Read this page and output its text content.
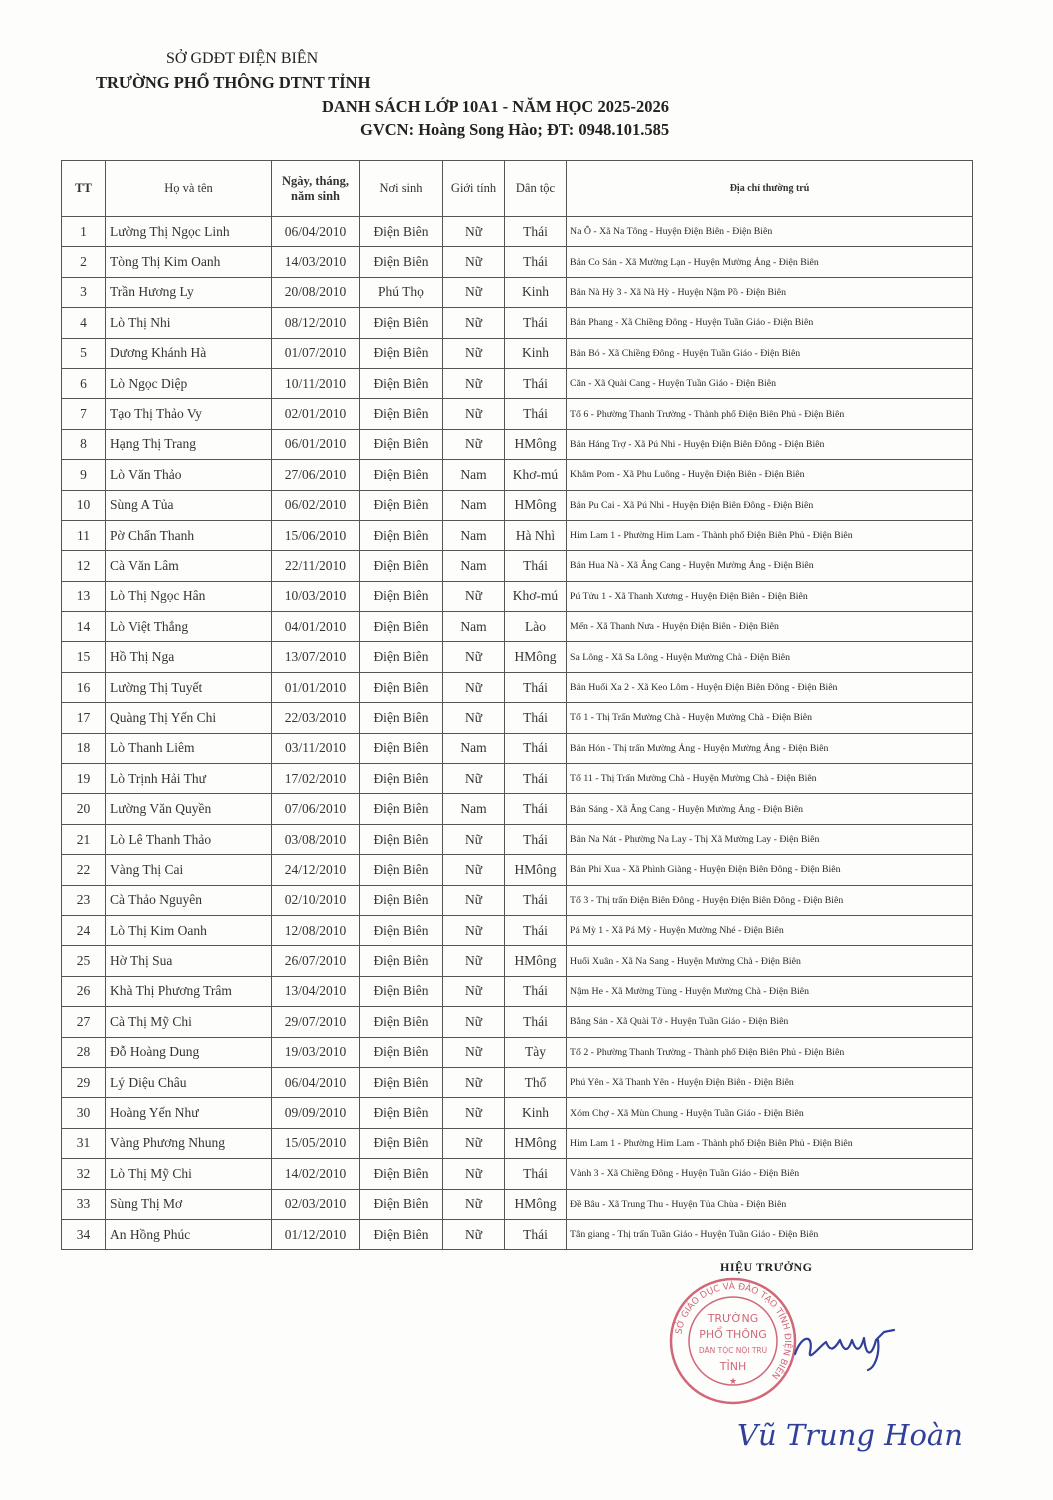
SỞ GDĐT ĐIỆN BIÊN
TRƯỜNG PHỔ THÔNG DTNT TỈNH
DANH SÁCH LỚP 10A1 - NĂM HỌC 2025-2026
GVCN: Hoàng Song Hào; ĐT: 0948.101.585
TT	Họ và tên	Ngày, tháng, năm sinh	Nơi sinh	Giới tính	Dân tộc	Địa chỉ thường trú
1	Lường Thị Ngọc Linh	06/04/2010	Điện Biên	Nữ	Thái	Na Ô - Xã Na Tông - Huyện Điện Biên - Điện Biên
2	Tòng Thị Kim Oanh	14/03/2010	Điện Biên	Nữ	Thái	Bản Co Sản - Xã Mường Lạn - Huyện Mường Ảng - Điện Biên
3	Trần Hương Ly	20/08/2010	Phú Thọ	Nữ	Kinh	Bản Nà Hỳ 3 - Xã Nà Hỳ - Huyện Nậm Pồ - Điện Biên
4	Lò Thị Nhi	08/12/2010	Điện Biên	Nữ	Thái	Bản Phang - Xã Chiềng Đông - Huyện Tuần Giáo - Điện Biên
5	Dương Khánh Hà	01/07/2010	Điện Biên	Nữ	Kinh	Bản Bó - Xã Chiềng Đông - Huyện Tuần Giáo - Điện Biên
6	Lò Ngọc Diệp	10/11/2010	Điện Biên	Nữ	Thái	Căn - Xã Quài Cang - Huyện Tuần Giáo - Điện Biên
7	Tạo Thị Thảo Vy	02/01/2010	Điện Biên	Nữ	Thái	Tổ 6 - Phường Thanh Trường - Thành phố Điện Biên Phủ - Điện Biên
8	Hạng Thị Trang	06/01/2010	Điện Biên	Nữ	HMông	Bản Háng Trợ - Xã Pú Nhi - Huyện Điện Biên Đông - Điện Biên
9	Lò Văn Thảo	27/06/2010	Điện Biên	Nam	Khơ-mú	Khâm Pom - Xã Phu Luông - Huyện Điện Biên - Điện Biên
10	Sùng A Tủa	06/02/2010	Điện Biên	Nam	HMông	Bản Pu Cai - Xã Pú Nhi - Huyện Điện Biên Đông - Điện Biên
11	Pờ Chẩn Thanh	15/06/2010	Điện Biên	Nam	Hà Nhì	Him Lam 1 - Phường Him Lam - Thành phố Điện Biên Phủ - Điện Biên
12	Cà Văn Lâm	22/11/2010	Điện Biên	Nam	Thái	Bản Hua Nà - Xã Ẳng Cang - Huyện Mường Ảng - Điện Biên
13	Lò Thị Ngọc Hân	10/03/2010	Điện Biên	Nữ	Khơ-mú	Pú Tửu 1 - Xã Thanh Xương - Huyện Điện Biên - Điện Biên
14	Lò Việt Thắng	04/01/2010	Điện Biên	Nam	Lào	Mến - Xã Thanh Nưa - Huyện Điện Biên - Điện Biên
15	Hồ Thị Nga	13/07/2010	Điện Biên	Nữ	HMông	Sa Lông - Xã Sa Lông - Huyện Mường Chà - Điện Biên
16	Lường Thị Tuyết	01/01/2010	Điện Biên	Nữ	Thái	Bản Huổi Xa 2 - Xã Keo Lôm - Huyện Điện Biên Đông - Điện Biên
17	Quàng Thị Yến Chi	22/03/2010	Điện Biên	Nữ	Thái	Tổ 1 - Thị Trấn Mường Chà - Huyện Mường Chà - Điện Biên
18	Lò Thanh Liêm	03/11/2010	Điện Biên	Nam	Thái	Bản Hón - Thị trấn Mường Ảng - Huyện Mường Ảng - Điện Biên
19	Lò Trịnh Hải Thư	17/02/2010	Điện Biên	Nữ	Thái	Tổ 11 - Thị Trấn Mường Chà - Huyện Mường Chà - Điện Biên
20	Lường Văn Quyền	07/06/2010	Điện Biên	Nam	Thái	Bản Sáng - Xã Ẳng Cang - Huyện Mường Ảng - Điện Biên
21	Lò Lê Thanh Thảo	03/08/2010	Điện Biên	Nữ	Thái	Bản Na Nát - Phường Na Lay - Thị Xã Mường Lay - Điện Biên
22	Vàng Thị Cai	24/12/2010	Điện Biên	Nữ	HMông	Bản Phi Xua - Xã Phình Giàng - Huyện Điện Biên Đông - Điện Biên
23	Cà Thảo Nguyên	02/10/2010	Điện Biên	Nữ	Thái	Tổ 3 - Thị trấn Điện Biên Đông - Huyện Điện Biên Đông - Điện Biên
24	Lò Thị Kim Oanh	12/08/2010	Điện Biên	Nữ	Thái	Pá Mỳ 1 - Xã Pá Mỳ - Huyện Mường Nhé - Điện Biên
25	Hờ Thị Sua	26/07/2010	Điện Biên	Nữ	HMông	Huổi Xuân - Xã Na Sang - Huyện Mường Chà - Điện Biên
26	Khà Thị Phương Trâm	13/04/2010	Điện Biên	Nữ	Thái	Nậm He - Xã Mường Tùng - Huyện Mường Chà - Điện Biên
27	Cà Thị Mỹ Chi	29/07/2010	Điện Biên	Nữ	Thái	Bằng Sản - Xã Quài Tở - Huyện Tuần Giáo - Điện Biên
28	Đỗ Hoàng Dung	19/03/2010	Điện Biên	Nữ	Tày	Tổ 2 - Phường Thanh Trường - Thành phố Điện Biên Phủ - Điện Biên
29	Lý Diệu Châu	06/04/2010	Điện Biên	Nữ	Thổ	Phú Yên - Xã Thanh Yên - Huyện Điện Biên - Điện Biên
30	Hoàng Yến Như	09/09/2010	Điện Biên	Nữ	Kinh	Xóm Chợ - Xã Mùn Chung - Huyện Tuần Giáo - Điện Biên
31	Vàng Phương Nhung	15/05/2010	Điện Biên	Nữ	HMông	Him Lam 1 - Phường Him Lam - Thành phố Điện Biên Phủ - Điện Biên
32	Lò Thị Mỹ Chi	14/02/2010	Điện Biên	Nữ	Thái	Vành 3 - Xã Chiềng Đông - Huyện Tuần Giáo - Điện Biên
33	Sùng Thị Mơ	02/03/2010	Điện Biên	Nữ	HMông	Đề Bâu - Xã Trung Thu - Huyện Tủa Chùa - Điện Biên
34	An Hồng Phúc	01/12/2010	Điện Biên	Nữ	Thái	Tân giang - Thị trấn Tuần Giáo - Huyện Tuần Giáo - Điện Biên
HIỆU TRƯỞNG
SỞ GIÁO DỤC VÀ ĐÀO TẠO TỈNH ĐIỆN BIÊN
TRƯỜNG
PHỔ THÔNG
DÂN TỘC NỘI TRÚ
TỈNH
★
Vũ Trung Hoàn
